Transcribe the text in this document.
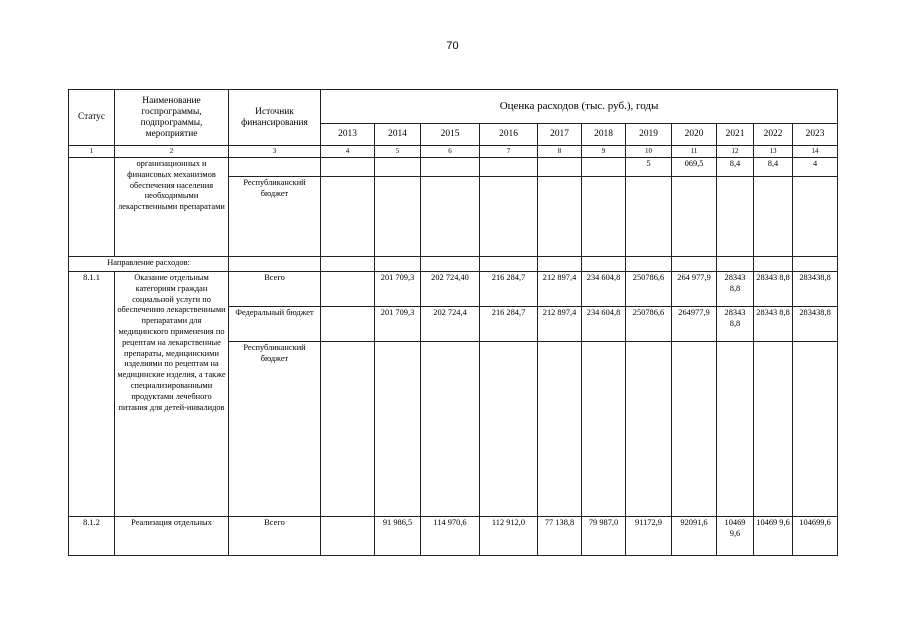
70
Статус	Наименование госпрограммы, подпрограммы, мероприятие	Источник финансирования	Оценка расходов (тыс. руб.), годы										
			2013	2014	2015	2016	2017	2018	2019	2020	2021	2022	2023
1	2	3	4	5	6	7	8	9	10	11	12	13	14
	организационных и финансовых механизмов обеспечения населения необходимыми лекарственными препаратами								5	069,5	8,4	8,4	4
		Республиканский бюджет											
Направление расходов:													
8.1.1	Оказание отдельным категориям граждан социальной услуги по обеспечению лекарственными препаратами для медицинского применения по рецептам на лекарственные препараты, медицинскими изделиями по рецептам на медицинские изделия, а также специализированными продуктами лечебного питания для детей-инвалидов	Всего		201 709,3	202 724,40	216 284,7	212 897,4	234 604,8	250786,6	264 977,9	28343 8,8	28343 8,8	283438,8
		Федеральный бюджет		201 709,3	202 724,4	216 284,7	212 897,4	234 604,8	250786,6	264977,9	28343 8,8	28343 8,8	283438,8
		Республиканский бюджет											
8.1.2	Реализация отдельных	Всего		91 986,5	114 970,6	112 912,0	77 138,8	79 987,0	91172,9	92091,6	10469 9,6	10469 9,6	104699,6
